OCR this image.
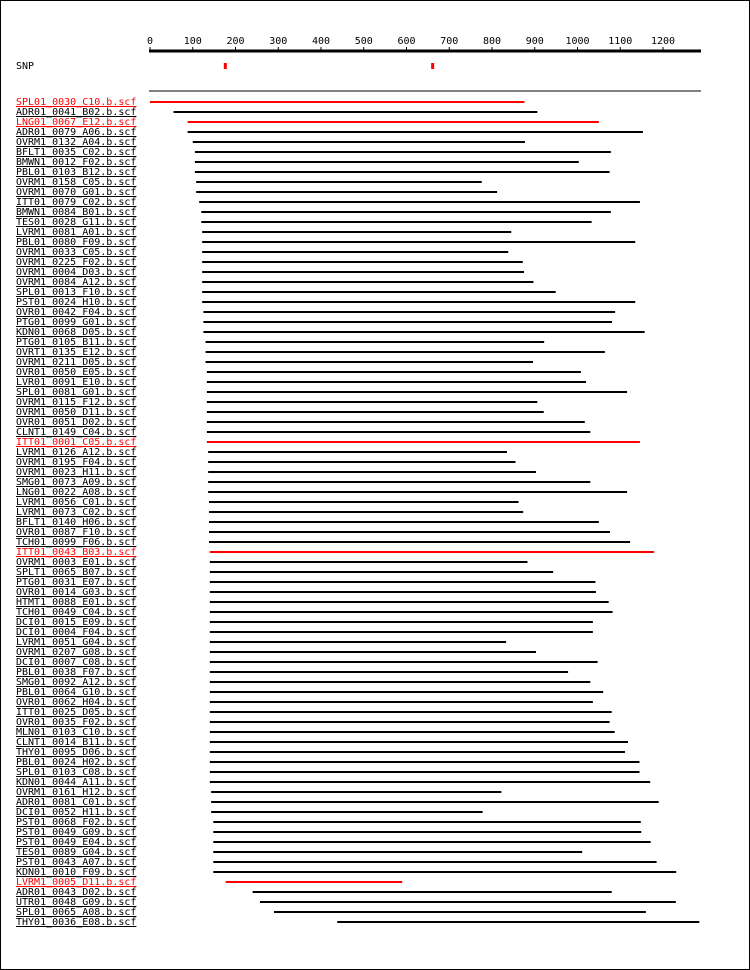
0	100 200 300 400 500 600 700 800 900 1000 1100 1200
SNP
SPL01_0030_C10.b.scf
ADR01_0041_B02.b.scf
LNG01_0067_E12.b.scf
ADR01_0079_A06.b.scf
OVRM1_0132_A04.b.scf
BFLT1_0035_C02.b.scf
BMWN1_0012_F02.b.scf
PBL01_0103_B12.b.scf
OVRM1_0158_C05.b.scf
OVRM1_0070_G01.b.scf
ITT01_0079_C02.b.scf
BMWN1_0084_B01.b.scf
TES01_0028_G11.b.scf
LVRM1_0081_A01.b.scf
PBL01_0080_F09.b.scf
OVRM1_0033_C05.b.scf
OVRM1_0225_F02.b.scf
OVRM1_0004_D03.b.scf
OVRM1_0084_A12.b.scf
SPL01_0013_F10.b.scf
PST01_0024_H10.b.scf
OVR01_0042_F04.b.scf
PTG01_0099_G01.b.scf
KDN01_0068_D05.b.scf
PTG01_0105_B11.b.scf
OVRT1_0135_E12.b.scf
OVRM1_0211_D05.b.scf
OVR01_0050_E05.b.scf
LVR01_0091_E10.b.scf
SPL01_0081_G01.b.scf
OVRM1_0115_F12.b.scf
OVRM1_0050_D11.b.scf
OVR01_0051_D02.b.scf
CLNT1_0149_C04.b.scf
ITT01_0001_C05.b.scf
LVRM1_0126_A12.b.scf
OVRM1_0195_F04.b.scf
OVRM1_0023_H11.b.scf
SMG01_0073_A09.b.scf
LNG01_0022_A08.b.scf
LVRM1_0056_C01.b.scf
LVRM1_0073_C02.b.scf
BFLT1_0140_H06.b.scf
OVR01_0087_F10.b.scf
TCH01_0099_F06.b.scf
ITT01_0043_B03.b.scf
OVRM1_0003_E01.b.scf
SPLT1_0065_B07.b.scf
PTG01_0031_E07.b.scf
OVR01_0014_G03.b.scf
HTMT1_0088_E01.b.scf
TCH01_0049_C04.b.scf
DCI01_0015_E09.b.scf
DCI01_0004_F04.b.scf
LVRM1_0051_G04.b.scf
OVRM1_0207_G08.b.scf
DCI01_0007_C08.b.scf
PBL01_0038_F07.b.scf
SMG01_0092_A12.b.scf
PBL01_0064_G10.b.scf
OVR01_0062_H04.b.scf
ITT01_0025_D05.b.scf
OVR01_0035_F02.b.scf
MLN01_0103_C10.b.scf
CLNT1_0014_B11.b.scf
THY01_0095_D06.b.scf
PBL01_0024_H02.b.scf
SPL01_0103_C08.b.scf
KDN01_0044_A11.b.scf
OVRM1_0161_H12.b.scf
ADR01_0081_C01.b.scf
DCI01_0052_H11.b.scf
PST01_0068_F02.b.scf
PST01_0049_G09.b.scf
PST01_0049_E04.b.scf
TES01_0089_G04.b.scf
PST01_0043_A07.b.scf
KDN01_0010_F09.b.scf
LVRM1_0005_D11.b.scf
ADR01_0043_D02.b.scf
UTR01_0048_G09.b.scf
SPL01_0065_A08.b.scf
THY01_0036_E08.b.scf
